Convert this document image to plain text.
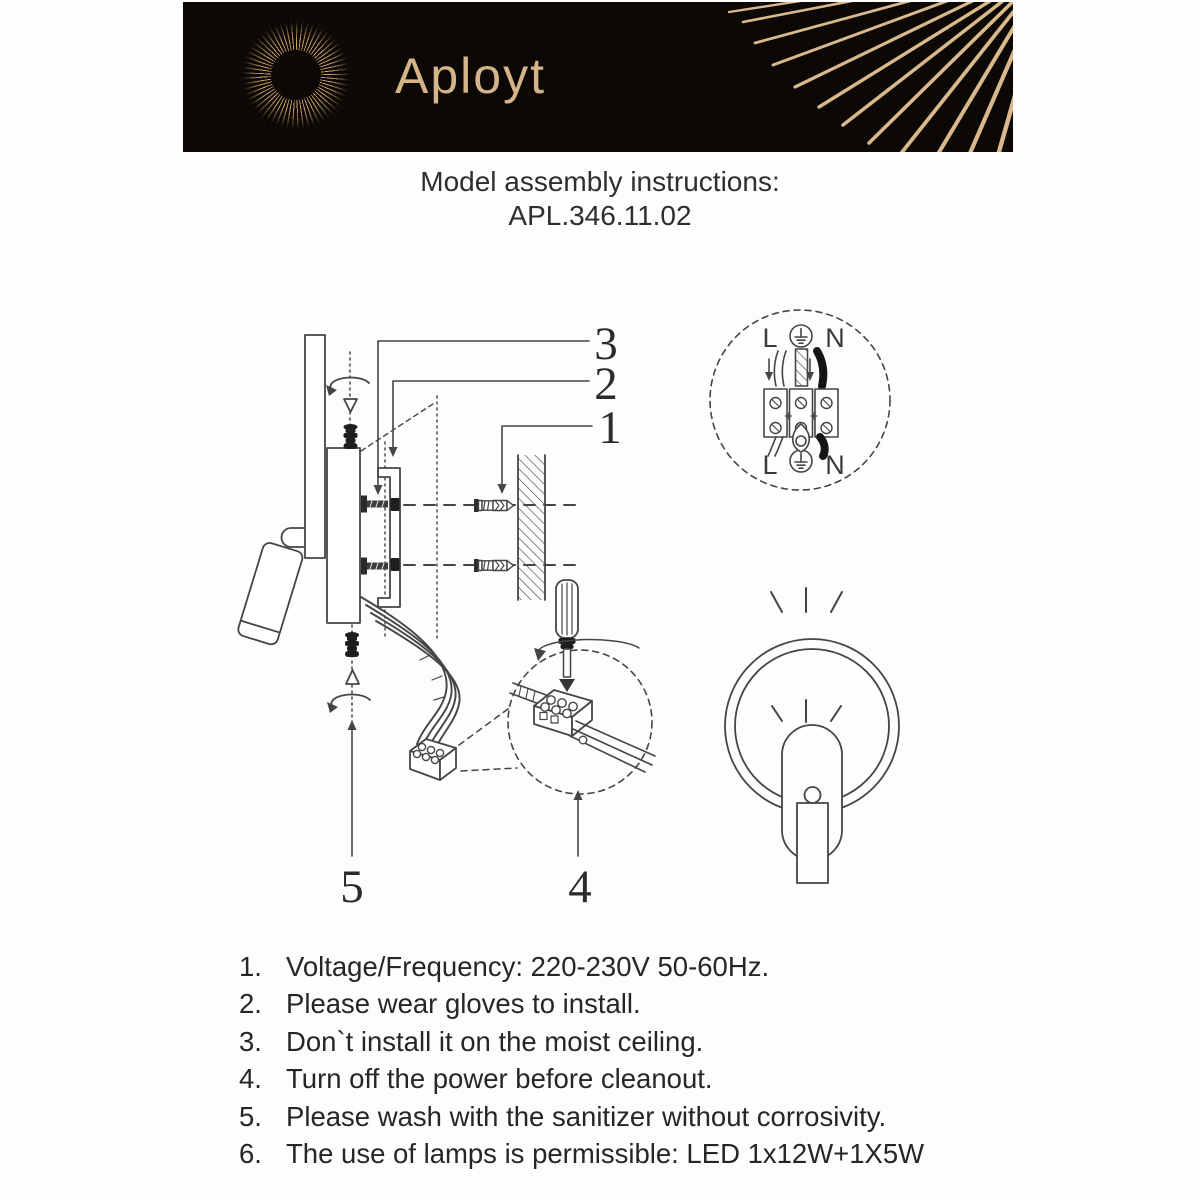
Aployt
Model assembly instructions:
APL.346.11.02
3
2
1
4
5
L N
L N
1. Voltage/Frequency: 220-230V 50-60Hz.
2. Please wear gloves to install.
3. Don`t install it on the moist ceiling.
4. Turn off the power before cleanout.
5. Please wash with the sanitizer without corrosivity.
6. The use of lamps is permissible: LED 1x12W+1X5W
